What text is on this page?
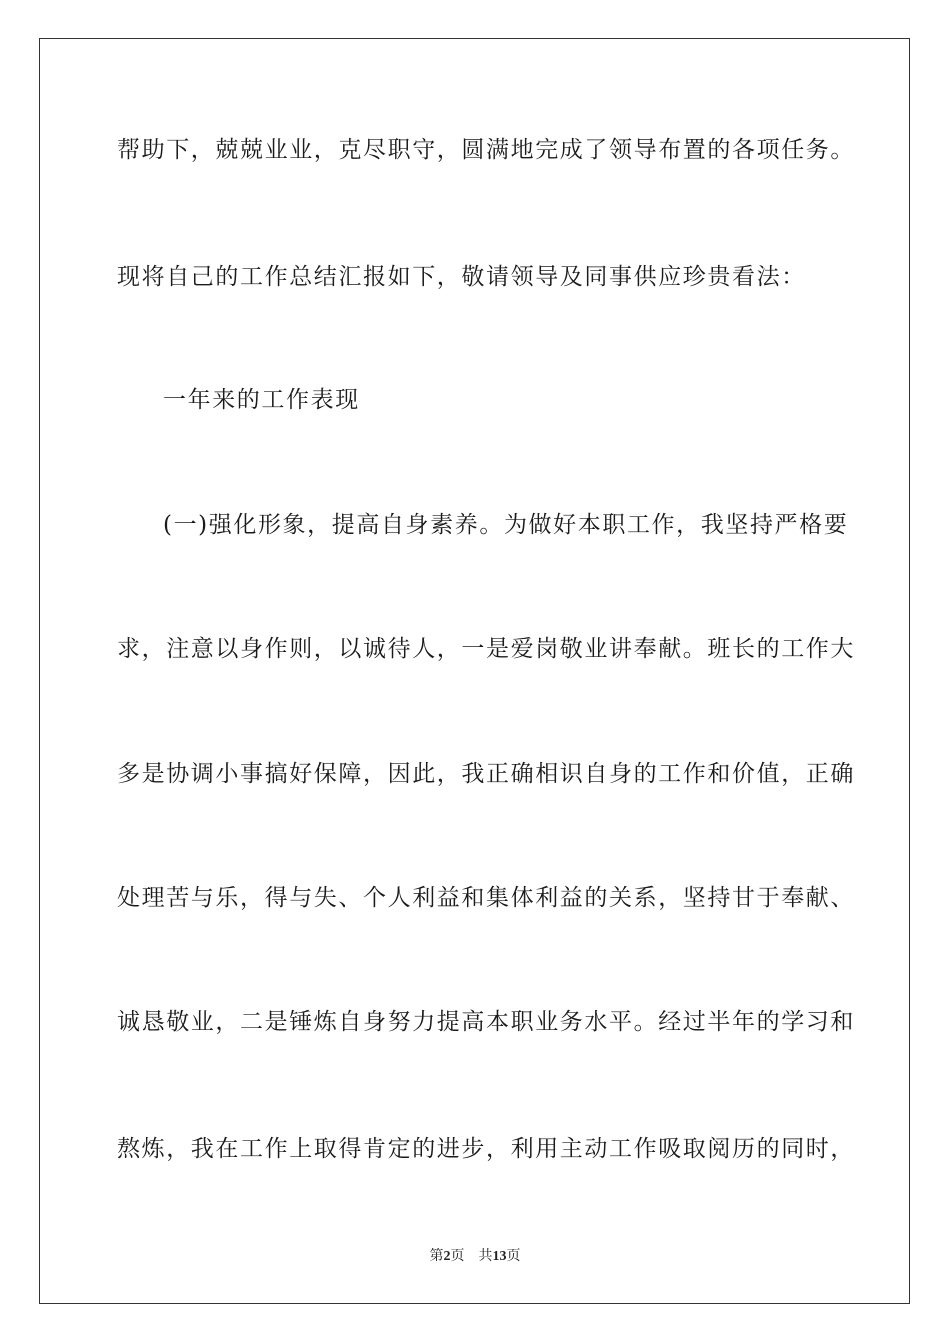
帮助下，兢兢业业，克尽职守，圆满地完成了领导布置的各项任务。
现将自己的工作总结汇报如下，敬请领导及同事供应珍贵看法：
一年来的工作表现
(一)强化形象，提高自身素养。为做好本职工作，我坚持严格要
求，注意以身作则，以诚待人，一是爱岗敬业讲奉献。班长的工作大
多是协调小事搞好保障，因此，我正确相识自身的工作和价值，正确
处理苦与乐，得与失、个人利益和集体利益的关系，坚持甘于奉献、
诚恳敬业，二是锤炼自身努力提高本职业务水平。经过半年的学习和
熬炼，我在工作上取得肯定的进步，利用主动工作吸取阅历的同时，
第2页 共13页
